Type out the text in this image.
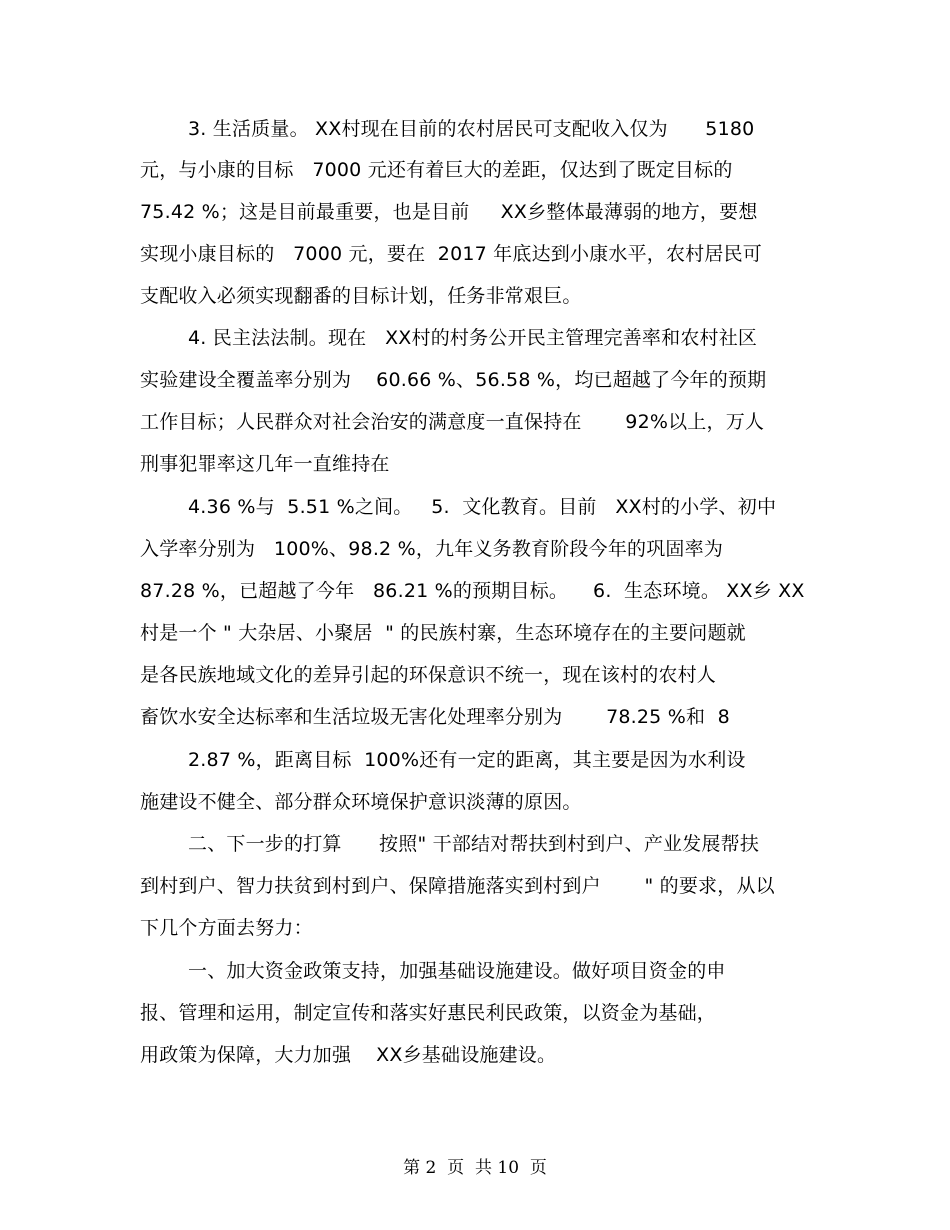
3. 生活质量。 XX村现在目前的农村居民可支配收入仅为      5180
元，与小康的目标   7000 元还有着巨大的差距，仅达到了既定目标的
75.42 %；这是目前最重要，也是目前     XX乡整体最薄弱的地方，要想
实现小康目标的   7000 元，要在  2017 年底达到小康水平，农村居民可
支配收入必须实现翻番的目标计划，任务非常艰巨。
4. 民主法法制。现在   XX村的村务公开民主管理完善率和农村社区
实验建设全覆盖率分别为    60.66 %、56.58 %，均已超越了今年的预期
工作目标；人民群众对社会治安的满意度一直保持在       92%以上，万人
刑事犯罪率这几年一直维持在
4.36 %与  5.51 %之间。   5.  文化教育。目前   XX村的小学、初中
入学率分别为   100%、98.2 %，九年义务教育阶段今年的巩固率为
87.28 %，已超越了今年   86.21 %的预期目标。    6.  生态环境。 XX乡 XX
村是一个 " 大杂居、小聚居  " 的民族村寨，生态环境存在的主要问题就
是各民族地域文化的差异引起的环保意识不统一，现在该村的农村人
畜饮水安全达标率和生活垃圾无害化处理率分别为       78.25 %和  8
2.87 %，距离目标  100%还有一定的距离，其主要是因为水利设
施建设不健全、部分群众环境保护意识淡薄的原因。
二、下一步的打算      按照" 干部结对帮扶到村到户、产业发展帮扶
到村到户、智力扶贫到村到户、保障措施落实到村到户       " 的要求，从以
下几个方面去努力：
一、加大资金政策支持，加强基础设施建设。做好项目资金的申
报、管理和运用，制定宣传和落实好惠民利民政策，以资金为基础，
用政策为保障，大力加强    XX乡基础设施建设。
第 2  页  共 10  页
